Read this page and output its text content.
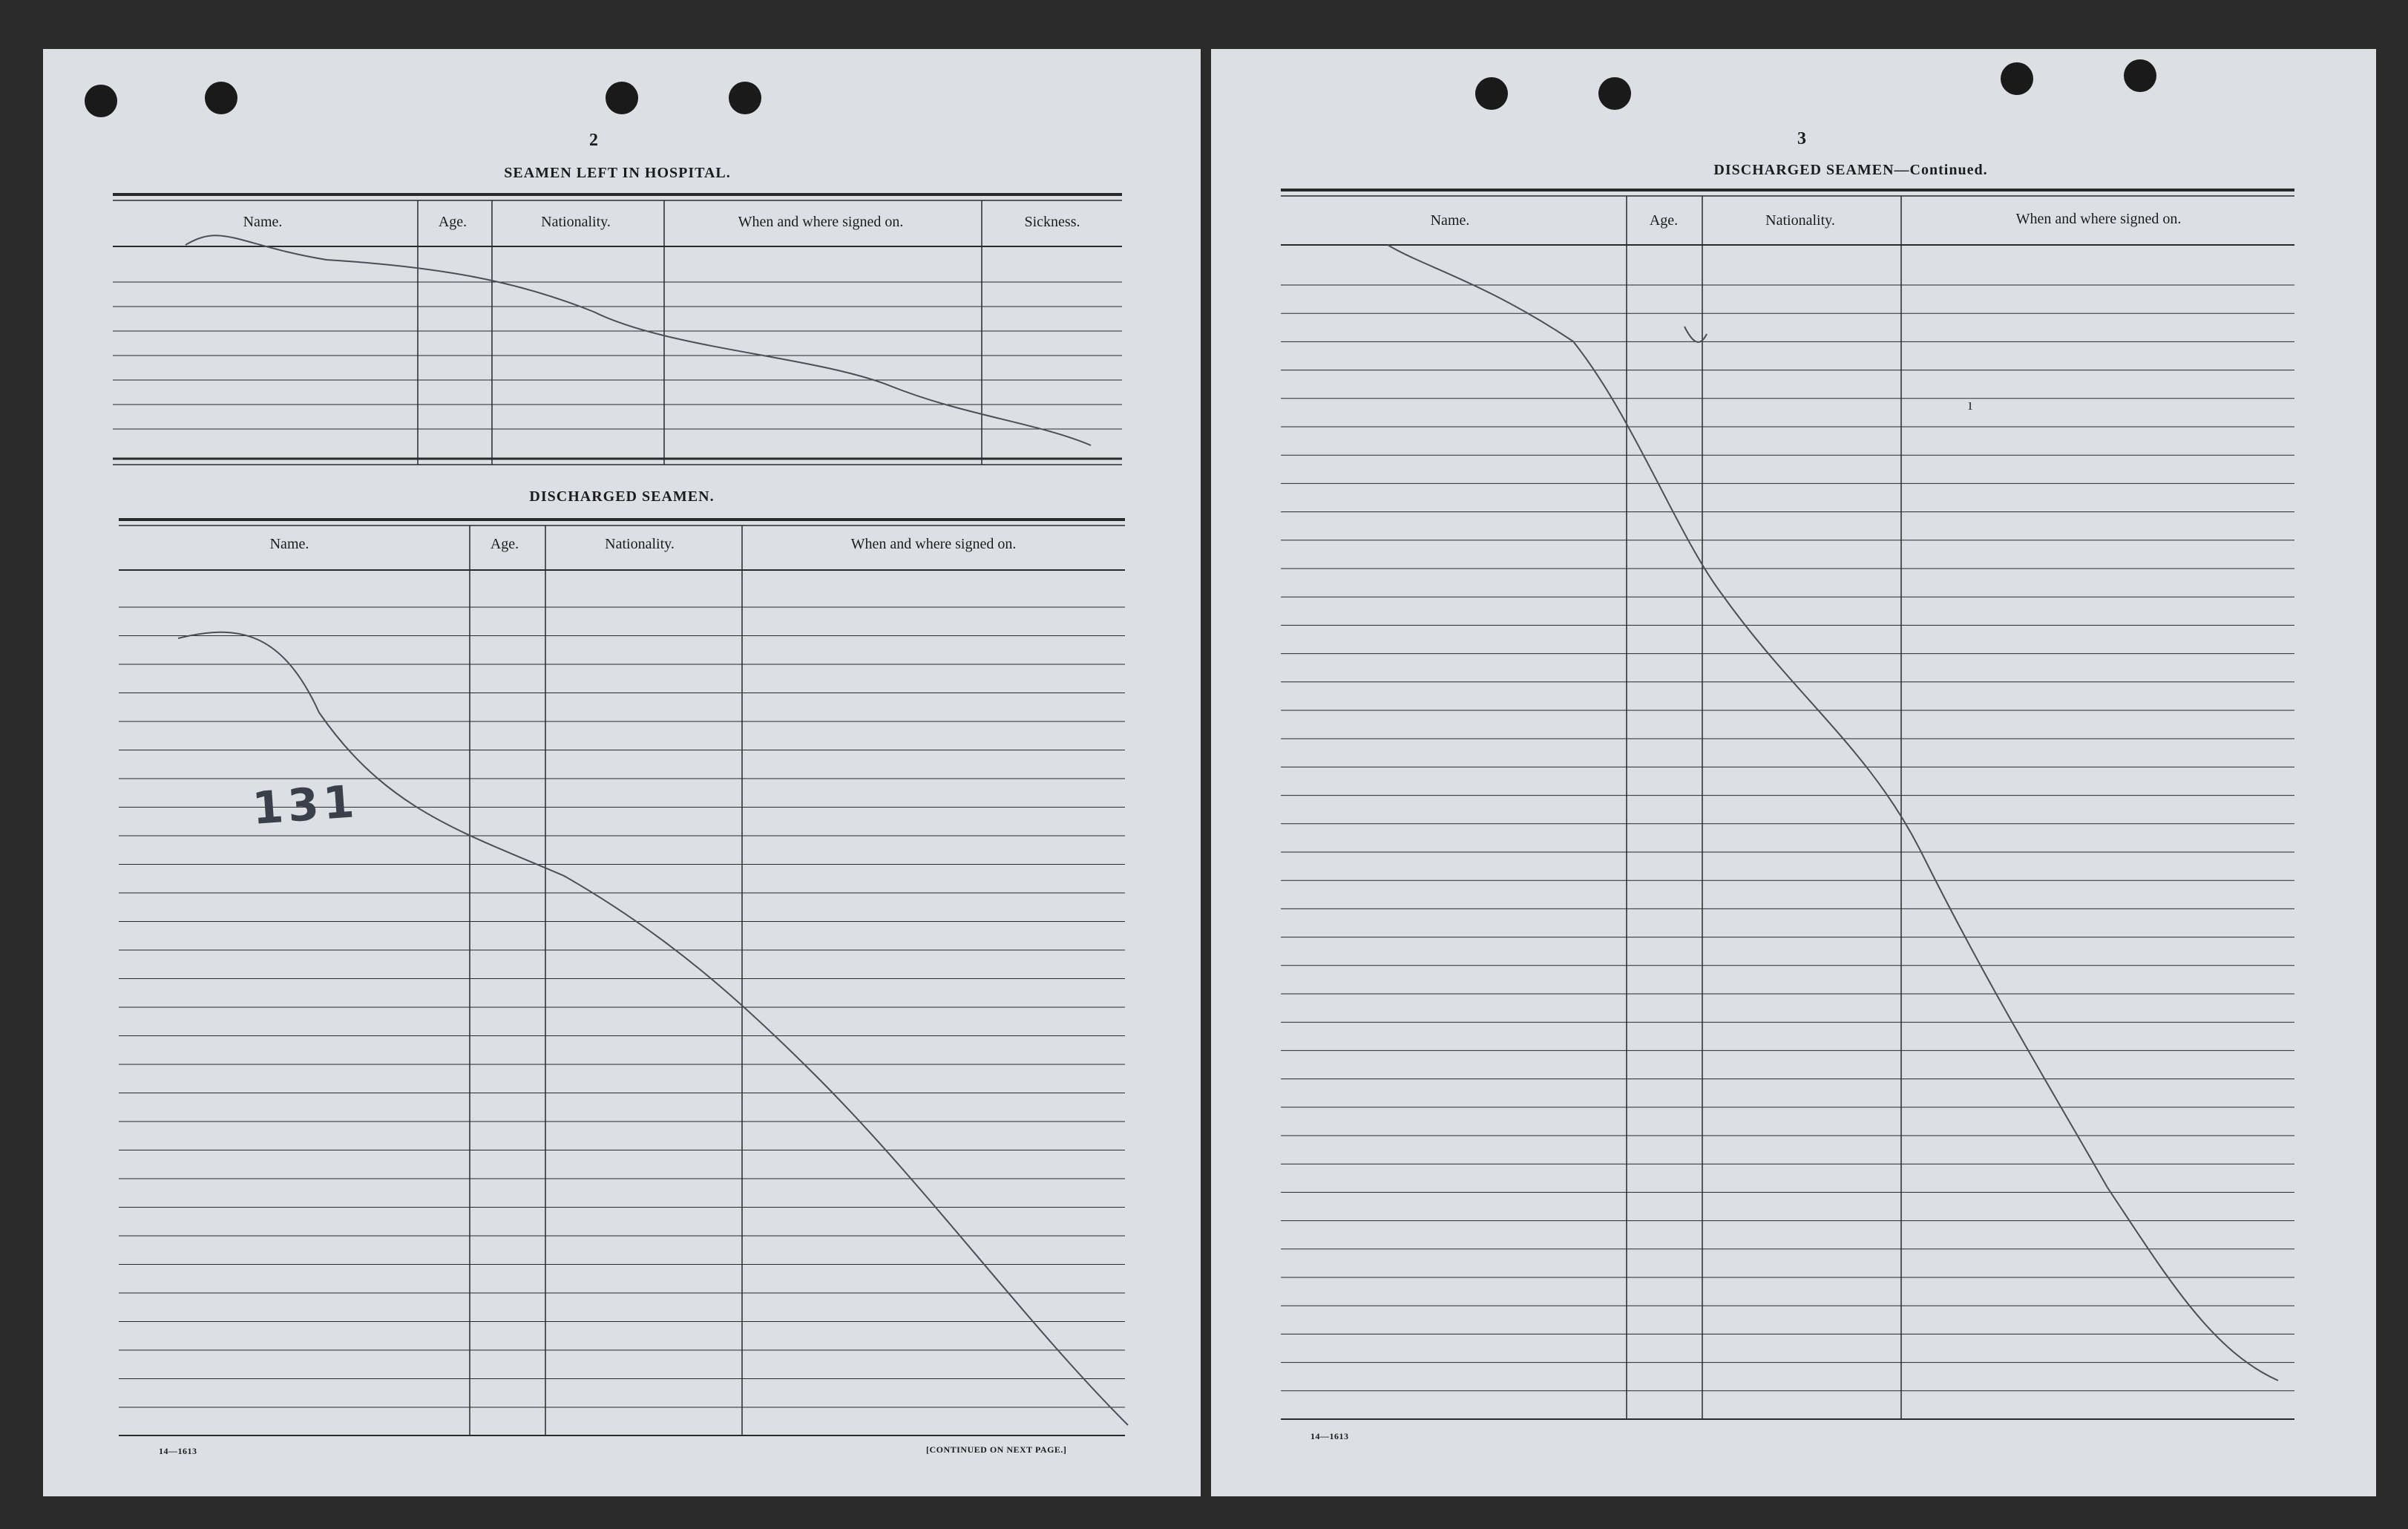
2
SEAMEN LEFT IN HOSPITAL.
Name.	Age.	Nationality.	When and where signed on.	Sickness.
DISCHARGED SEAMEN.
Name.	Age.	Nationality.	When and where signed on.
131
14—1613	[CONTINUED ON NEXT PAGE.]
3
DISCHARGED SEAMEN—Continued.
Name.	Age.	Nationality.	When and where signed on.
14—1613
ı
